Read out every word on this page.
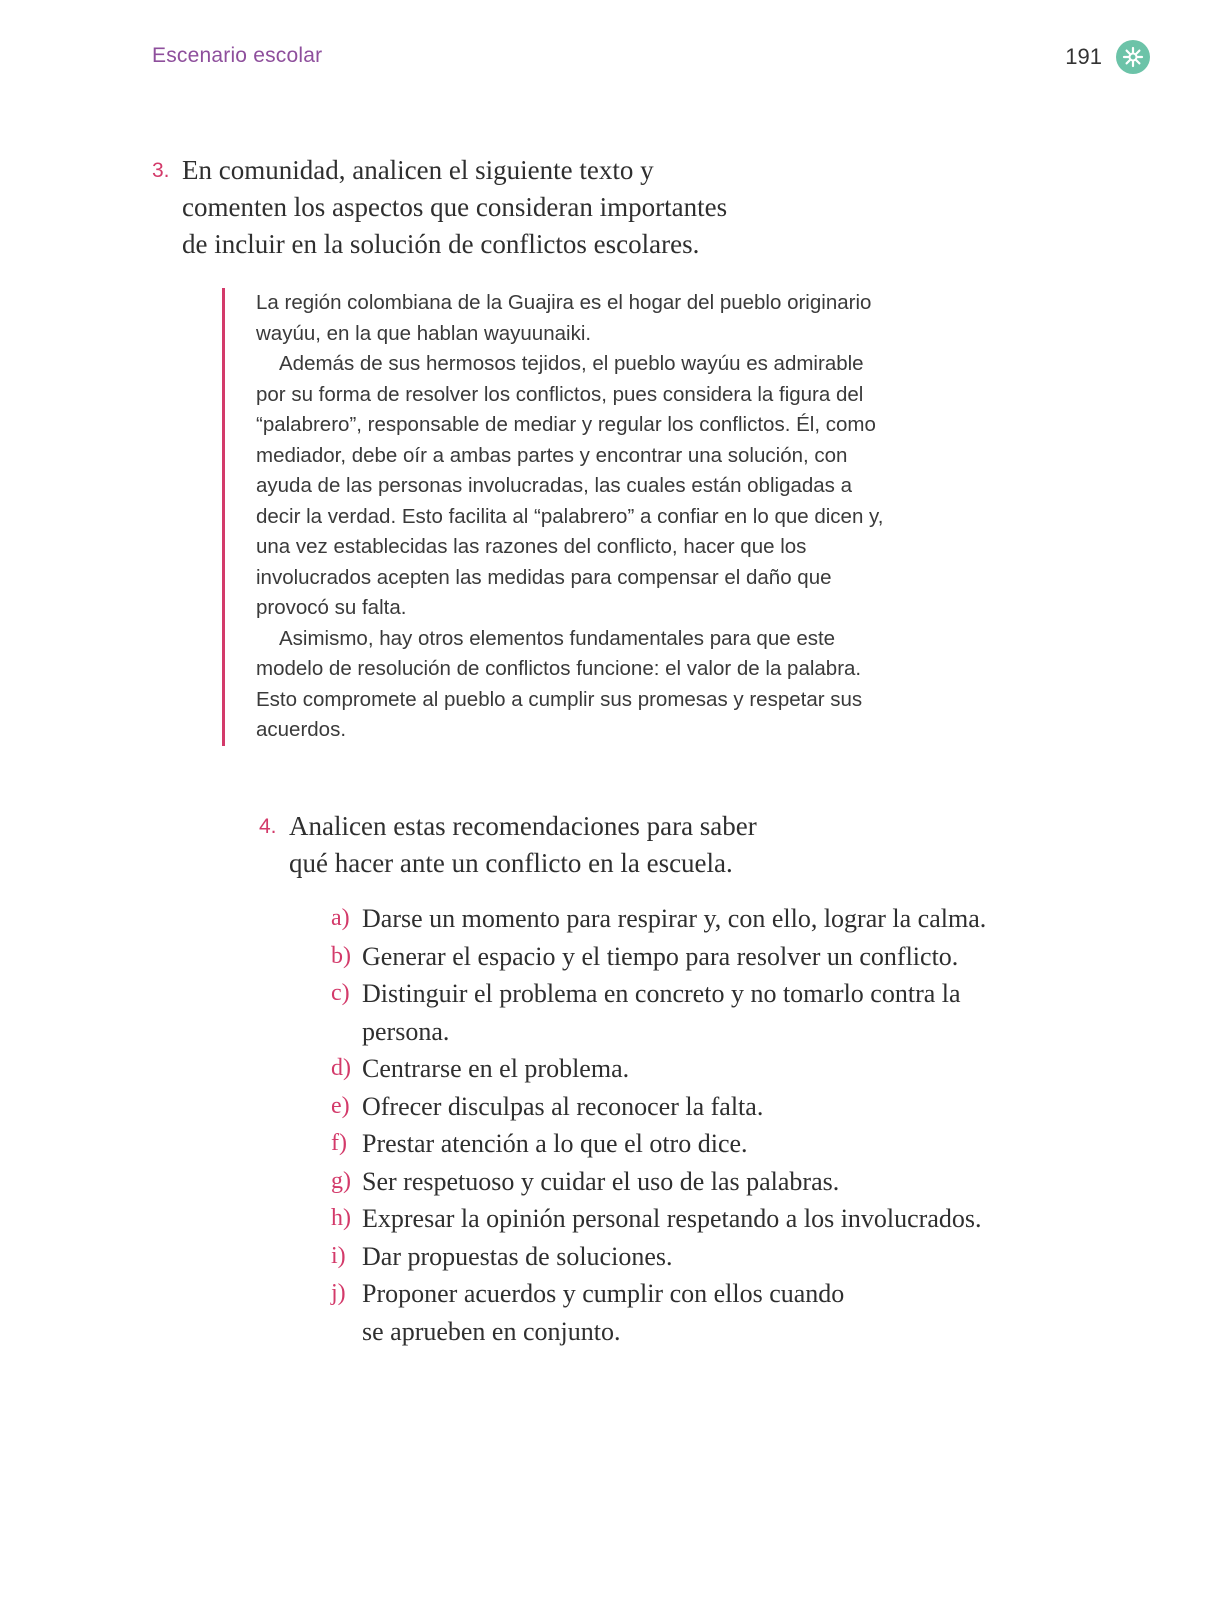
Escenario escolar	191
3. En comunidad, analicen el siguiente texto y
comenten los aspectos que consideran importantes
de incluir en la solución de conflictos escolares.

La región colombiana de la Guajira es el hogar del pueblo originario wayúu, en la que hablan wayuunaiki.

Además de sus hermosos tejidos, el pueblo wayúu es admirable por su forma de resolver los conflictos, pues considera la figura del “palabrero”, responsable de mediar y regular los conflictos. Él, como mediador, debe oír a ambas partes y encontrar una solución, con ayuda de las personas involucradas, las cuales están obligadas a decir la verdad. Esto facilita al “palabrero” a confiar en lo que dicen y, una vez establecidas las razones del conflicto, hacer que los involucrados acepten las medidas para compensar el daño que provocó su falta.

Asimismo, hay otros elementos fundamentales para que este modelo de resolución de conflictos funcione: el valor de la palabra. Esto compromete al pueblo a cumplir sus promesas y respetar sus acuerdos.

4. Analicen estas recomendaciones para saber
qué hacer ante un conflicto en la escuela.
a) Darse un momento para respirar y, con ello, lograr la calma.
b) Generar el espacio y el tiempo para resolver un conflicto.
c) Distinguir el problema en concreto y no tomarlo contra la persona.
d) Centrarse en el problema.
e) Ofrecer disculpas al reconocer la falta.
f) Prestar atención a lo que el otro dice.
g) Ser respetuoso y cuidar el uso de las palabras.
h) Expresar la opinión personal respetando a los involucrados.
i) Dar propuestas de soluciones.
j) Proponer acuerdos y cumplir con ellos cuando se aprueben en conjunto.
